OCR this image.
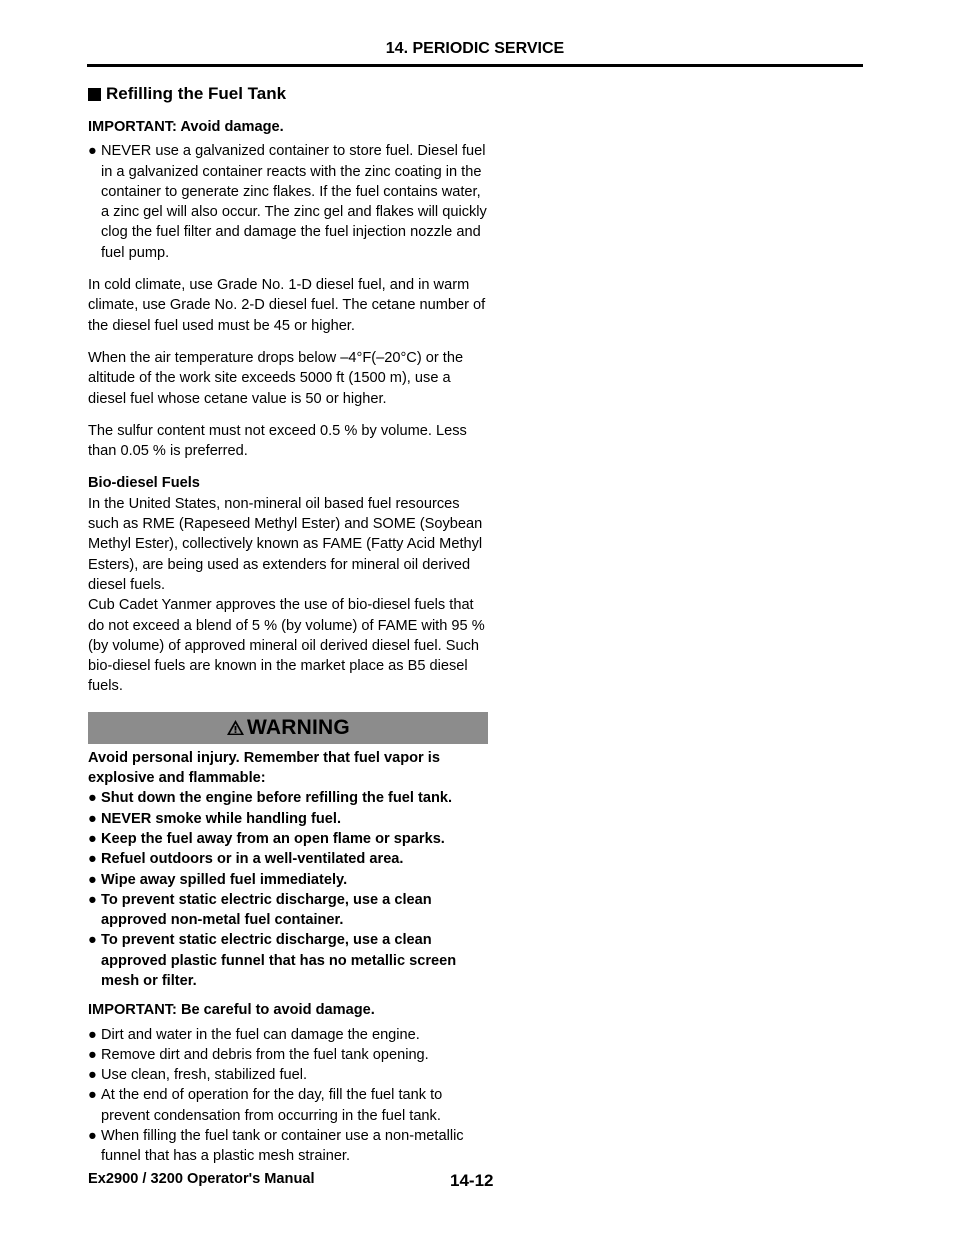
14. PERIODIC SERVICE
Refilling the Fuel Tank
IMPORTANT: Avoid damage.
● NEVER use a galvanized container to store fuel. Diesel fuel in a galvanized container reacts with the zinc coating in the container to generate zinc flakes. If the fuel contains water, a zinc gel will also occur. The zinc gel and flakes will quickly clog the fuel filter and damage the fuel injection nozzle and fuel pump.

In cold climate, use Grade No. 1-D diesel fuel, and in warm climate, use Grade No. 2-D diesel fuel. The cetane number of the diesel fuel used must be 45 or higher.

When the air temperature drops below –4°F(–20°C) or the altitude of the work site exceeds 5000 ft (1500 m), use a diesel fuel whose cetane value is 50 or higher.

The sulfur content must not exceed 0.5 % by volume. Less than 0.05 % is preferred.

Bio-diesel Fuels
In the United States, non-mineral oil based fuel resources such as RME (Rapeseed Methyl Ester) and SOME (Soybean Methyl Ester), collectively known as FAME (Fatty Acid Methyl Esters), are being used as extenders for mineral oil derived diesel fuels.
Cub Cadet Yanmer approves the use of bio-diesel fuels that do not exceed a blend of 5 % (by volume) of FAME with 95 % (by volume) of approved mineral oil derived diesel fuel. Such bio-diesel fuels are known in the market place as B5 diesel fuels.
WARNING
Avoid personal injury. Remember that fuel vapor is explosive and flammable:
● Shut down the engine before refilling the fuel tank.
● NEVER smoke while handling fuel.
● Keep the fuel away from an open flame or sparks.
● Refuel outdoors or in a well-ventilated area.
● Wipe away spilled fuel immediately.
● To prevent static electric discharge, use a clean approved non-metal fuel container.
● To prevent static electric discharge, use a clean approved plastic funnel that has no metallic screen mesh or filter.
IMPORTANT: Be careful to avoid damage.
● Dirt and water in the fuel can damage the engine.
● Remove dirt and debris from the fuel tank opening.
● Use clean, fresh, stabilized fuel.
● At the end of operation for the day, fill the fuel tank to prevent condensation from occurring in the fuel tank.
● When filling the fuel tank or container use a non-metallic funnel that has a plastic mesh strainer.
Ex2900 / 3200 Operator's Manual	14-12
